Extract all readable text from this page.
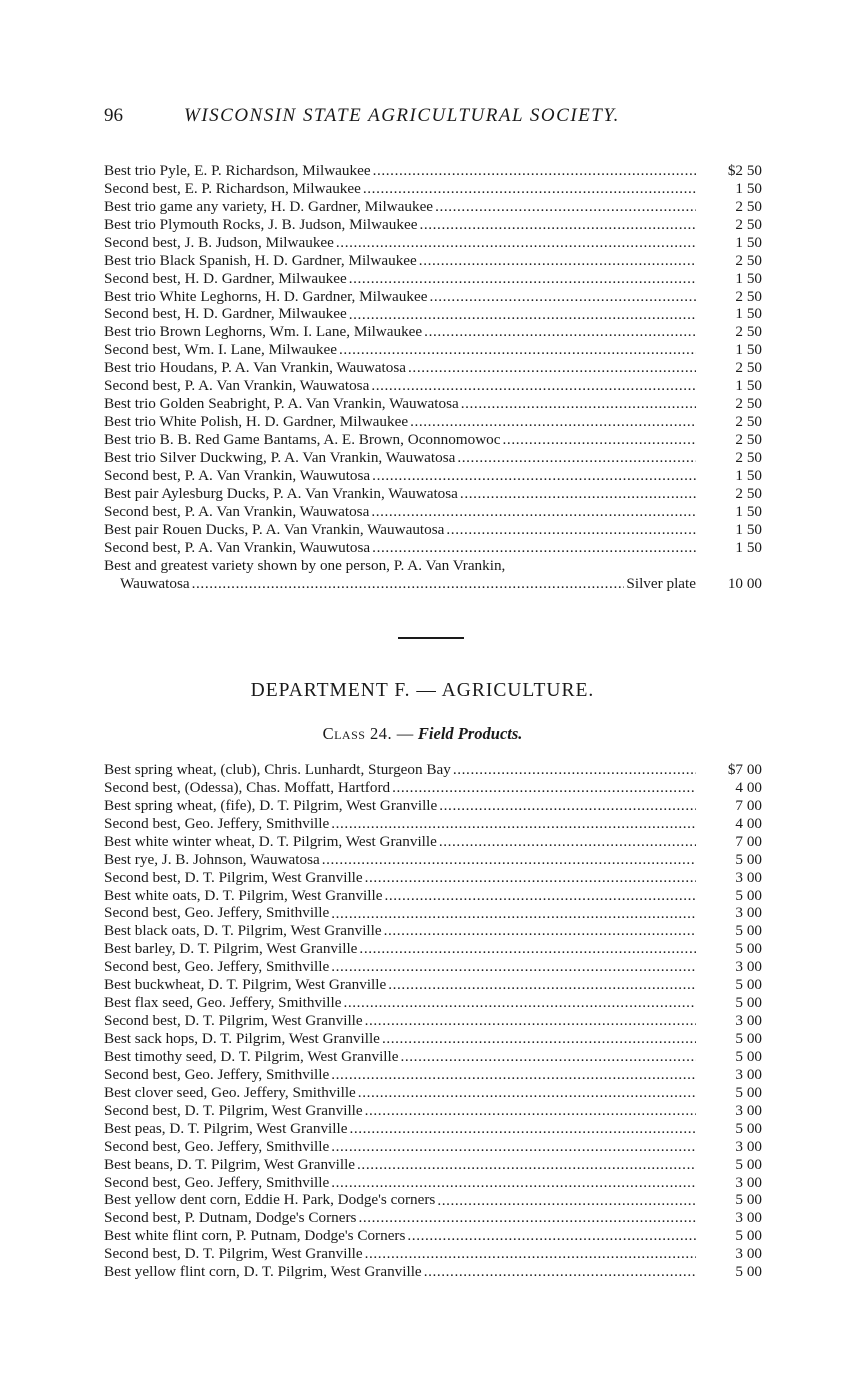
96	WISCONSIN STATE AGRICULTURAL SOCIETY.
Best trio Pyle, E. P. Richardson, Milwaukee . . .	$2 50
Second best, E. P. Richardson, Milwaukee . . .	1 50
Best trio game any variety, H. D. Gardner, Milwaukee . . .	2 50
Best trio Plymouth Rocks, J. B. Judson, Milwaukee . . .	2 50
Second best, J. B. Judson, Milwaukee . . .	1 50
Best trio Black Spanish, H. D. Gardner, Milwaukee . . .	2 50
Second best, H. D. Gardner, Milwaukee . . .	1 50
Best trio White Leghorns, H. D. Gardner, Milwaukee . . .	2 50
Second best, H. D. Gardner, Milwaukee . . .	1 50
Best trio Brown Leghorns, Wm. I. Lane, Milwaukee . . .	2 50
Second best, Wm. I. Lane, Milwaukee . . .	1 50
Best trio Houdans, P. A. Van Vrankin, Wauwatosa . . .	2 50
Second best, P. A. Van Vrankin, Wauwatosa . . .	1 50
Best trio Golden Seabright, P. A. Van Vrankin, Wauwatosa . . .	2 50
Best trio White Polish, H. D. Gardner, Milwaukee . . .	2 50
Best trio B. B. Red Game Bantams, A. E. Brown, Oconnomowoc . . .	2 50
Best trio Silver Duckwing, P. A. Van Vrankin, Wauwatosa . . .	2 50
Second best, P. A. Van Vrankin, Wauwutosa . . .	1 50
Best pair Aylesburg Ducks, P. A. Van Vrankin, Wauwatosa . . .	2 50
Second best, P. A. Van Vrankin, Wauwatosa . . .	1 50
Best pair Rouen Ducks, P. A. Van Vrankin, Wauwautosa . . .	1 50
Second best, P. A. Van Vrankin, Wauwutosa . . .	1 50
Best and greatest variety shown by one person, P. A. Van Vrankin,
Wauwatosa . . .	Silver plate	10 00
DEPARTMENT F. — AGRICULTURE.
Class 24. — Field Products.
Best spring wheat, (club), Chris. Lunhardt, Sturgeon Bay . . .	$7 00
Second best, (Odessa), Chas. Moffatt, Hartford . . .	4 00
Best spring wheat, (fife), D. T. Pilgrim, West Granville . . .	7 00
Second best, Geo. Jeffery, Smithville . . .	4 00
Best white winter wheat, D. T. Pilgrim, West Granville . . .	7 00
Best rye, J. B. Johnson, Wauwatosa . . .	5 00
Second best, D. T. Pilgrim, West Granville . . .	3 00
Best white oats, D. T. Pilgrim, West Granville . . .	5 00
Second best, Geo. Jeffery, Smithville . . .	3 00
Best black oats, D. T. Pilgrim, West Granville . . .	5 00
Best barley, D. T. Pilgrim, West Granville . . .	5 00
Second best, Geo. Jeffery, Smithville . . .	3 00
Best buckwheat, D. T. Pilgrim, West Granville . . .	5 00
Best flax seed, Geo. Jeffery, Smithville . . .	5 00
Second best, D. T. Pilgrim, West Granville . . .	3 00
Best sack hops, D. T. Pilgrim, West Granville . . .	5 00
Best timothy seed, D. T. Pilgrim, West Granville . . .	5 00
Second best, Geo. Jeffery, Smithville . . .	3 00
Best clover seed, Geo. Jeffery, Smithville . . .	5 00
Second best, D. T. Pilgrim, West Granville . . .	3 00
Best peas, D. T. Pilgrim, West Granville . . .	5 00
Second best, Geo. Jeffery, Smithville . . .	3 00
Best beans, D. T. Pilgrim, West Granville . . .	5 00
Second best, Geo. Jeffery, Smithville . . .	3 00
Best yellow dent corn, Eddie H. Park, Dodge's corners . . .	5 00
Second best, P. Dutnam, Dodge's Corners . . .	3 00
Best white flint corn, P. Putnam, Dodge's Corners . . .	5 00
Second best, D. T. Pilgrim, West Granville . . .	3 00
Best yellow flint corn, D. T. Pilgrim, West Granville . . .	5 00
